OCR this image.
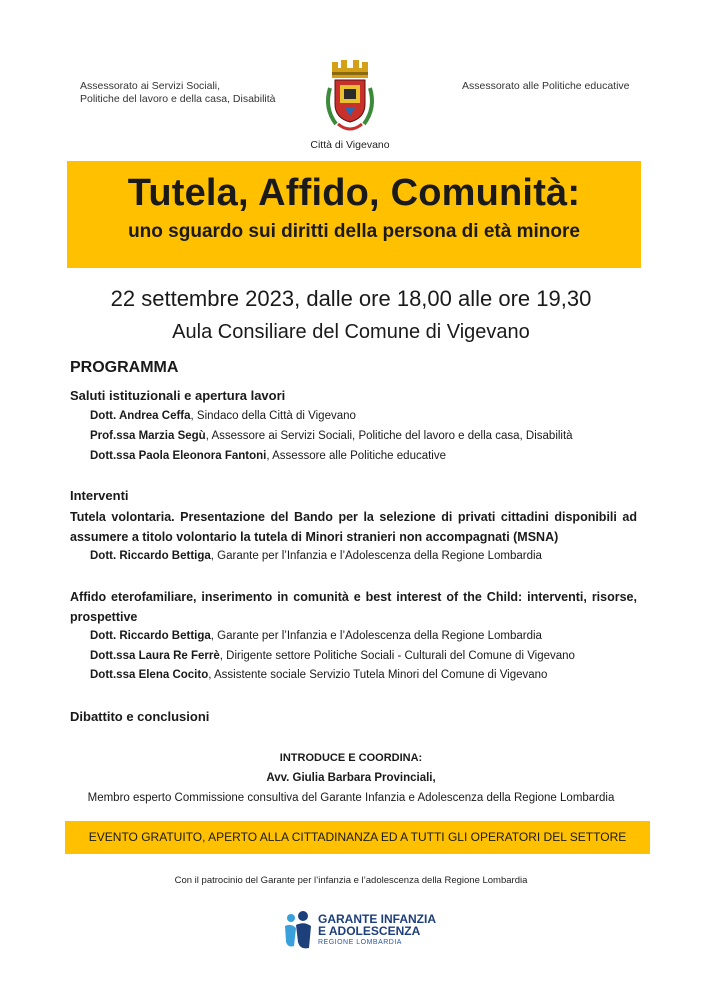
Assessorato ai Servizi Sociali,
Politiche del lavoro e della casa, Disabilità
Assessorato alle Politiche educative
Città di Vigevano
Tutela, Affido, Comunità:
uno sguardo sui diritti della persona di età minore
22 settembre 2023, dalle ore 18,00 alle ore 19,30
Aula Consiliare del Comune di Vigevano
PROGRAMMA
Saluti istituzionali e apertura lavori
Dott. Andrea Ceffa, Sindaco della Città di Vigevano
Prof.ssa Marzia Segù, Assessore ai Servizi Sociali, Politiche del lavoro e della casa, Disabilità
Dott.ssa Paola Eleonora Fantoni, Assessore alle Politiche educative
Interventi
Tutela volontaria. Presentazione del Bando per la selezione di privati cittadini disponibili ad assumere a titolo volontario la tutela di Minori stranieri non accompagnati (MSNA)
Dott. Riccardo Bettiga, Garante per l’Infanzia e l’Adolescenza della Regione Lombardia
Affido eterofamiliare, inserimento in comunità e best interest of the Child: interventi, risorse, prospettive
Dott. Riccardo Bettiga, Garante per l’Infanzia e l’Adolescenza della Regione Lombardia
Dott.ssa Laura Re Ferrè, Dirigente settore Politiche Sociali - Culturali del Comune di Vigevano
Dott.ssa Elena Cocito, Assistente sociale Servizio Tutela Minori del Comune di Vigevano
Dibattito e conclusioni
INTRODUCE E COORDINA:
Avv. Giulia Barbara Provinciali,
Membro esperto Commissione consultiva del Garante Infanzia e Adolescenza della Regione Lombardia
EVENTO GRATUITO, APERTO ALLA CITTADINANZA ED A TUTTI GLI OPERATORI DEL SETTORE
Con il patrocinio del Garante per l’infanzia e l’adolescenza della Regione Lombardia
GARANTE INFANZIA
E ADOLESCENZA
REGIONE LOMBARDIA
